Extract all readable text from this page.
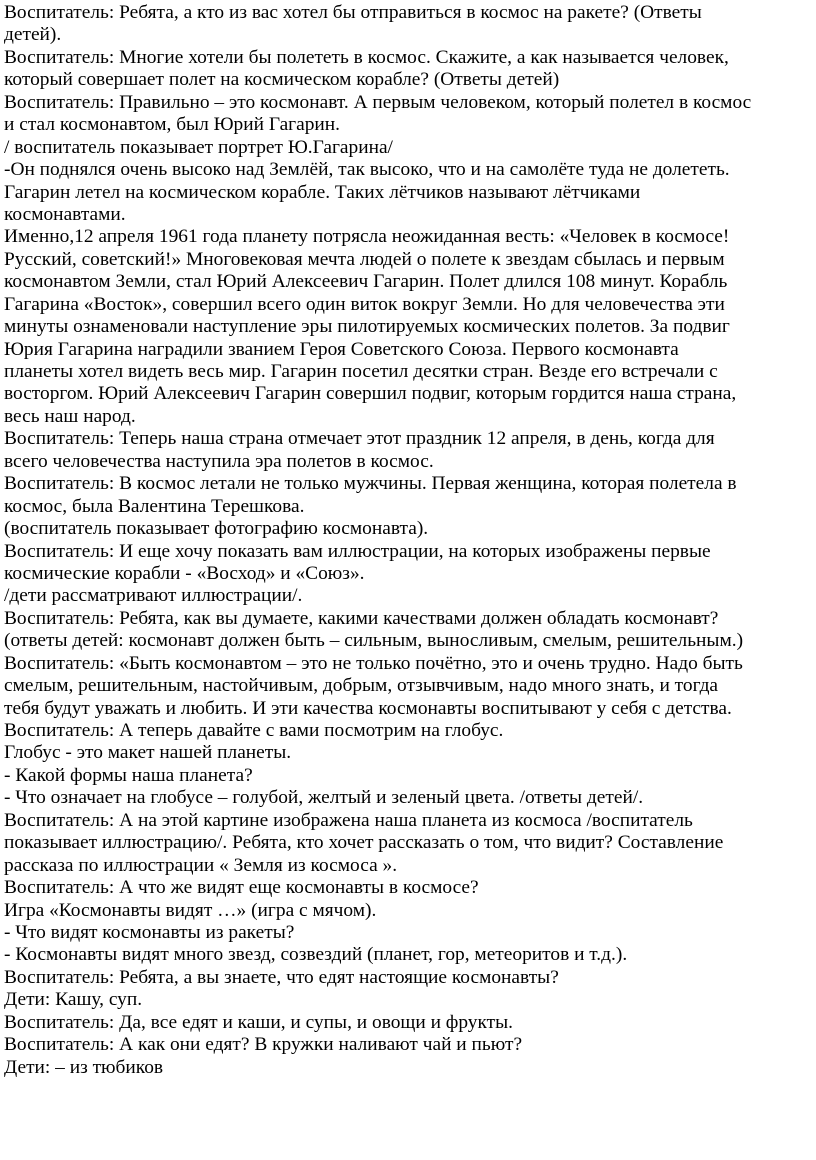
Воспитатель: Ребята, а кто из вас хотел бы отправиться в космос на ракете? (Ответы
детей).
Воспитатель: Многие хотели бы полететь в космос. Скажите, а как называется человек,
который совершает полет на космическом корабле? (Ответы детей)
Воспитатель: Правильно – это космонавт. А первым человеком, который полетел в космос
и стал космонавтом, был Юрий Гагарин.
/ воспитатель показывает портрет Ю.Гагарина/
-Он поднялся очень высоко над Землёй, так высоко, что и на самолёте туда не долететь.
Гагарин летел на космическом корабле. Таких лётчиков называют лётчиками
космонавтами.
Именно,12 апреля 1961 года планету потрясла неожиданная весть: «Человек в космосе!
Русский, советский!» Многовековая мечта людей о полете к звездам сбылась и первым
космонавтом Земли, стал Юрий Алексеевич Гагарин. Полет длился 108 минут. Корабль
Гагарина «Восток», совершил всего один виток вокруг Земли. Но для человечества эти
минуты ознаменовали наступление эры пилотируемых космических полетов. За подвиг
Юрия Гагарина наградили званием Героя Советского Союза. Первого космонавта
планеты хотел видеть весь мир. Гагарин посетил десятки стран. Везде его встречали с
восторгом. Юрий Алексеевич Гагарин совершил подвиг, которым гордится наша страна,
весь наш народ.
Воспитатель: Теперь наша страна отмечает этот праздник 12 апреля, в день, когда для
всего человечества наступила эра полетов в космос.
Воспитатель: В космос летали не только мужчины. Первая женщина, которая полетела в
космос, была Валентина Терешкова.
(воспитатель показывает фотографию космонавта).
Воспитатель: И еще хочу показать вам иллюстрации, на которых изображены первые
космические корабли - «Восход» и «Союз».
/дети рассматривают иллюстрации/.
Воспитатель: Ребята, как вы думаете, какими качествами должен обладать космонавт?
(ответы детей: космонавт должен быть – сильным, выносливым, смелым, решительным.)
Воспитатель: «Быть космонавтом – это не только почётно, это и очень трудно. Надо быть
смелым, решительным, настойчивым, добрым, отзывчивым, надо много знать, и тогда
тебя будут уважать и любить. И эти качества космонавты воспитывают у себя с детства.
Воспитатель: А теперь давайте с вами посмотрим на глобус.
Глобус - это макет нашей планеты.
- Какой формы наша планета?
- Что означает на глобусе – голубой, желтый и зеленый цвета. /ответы детей/.
Воспитатель: А на этой картине изображена наша планета из космоса /воспитатель
показывает иллюстрацию/. Ребята, кто хочет рассказать о том, что видит? Составление
рассказа по иллюстрации « Земля из космоса ».
Воспитатель: А что же видят еще космонавты в космосе?
Игра «Космонавты видят …» (игра с мячом).
- Что видят космонавты из ракеты?
- Космонавты видят много звезд, созвездий (планет, гор, метеоритов и т.д.).
Воспитатель: Ребята, а вы знаете, что едят настоящие космонавты?
Дети: Кашу, суп.
Воспитатель: Да, все едят и каши, и супы, и овощи и фрукты.
Воспитатель: А как они едят? В кружки наливают чай и пьют?
Дети: – из тюбиков
